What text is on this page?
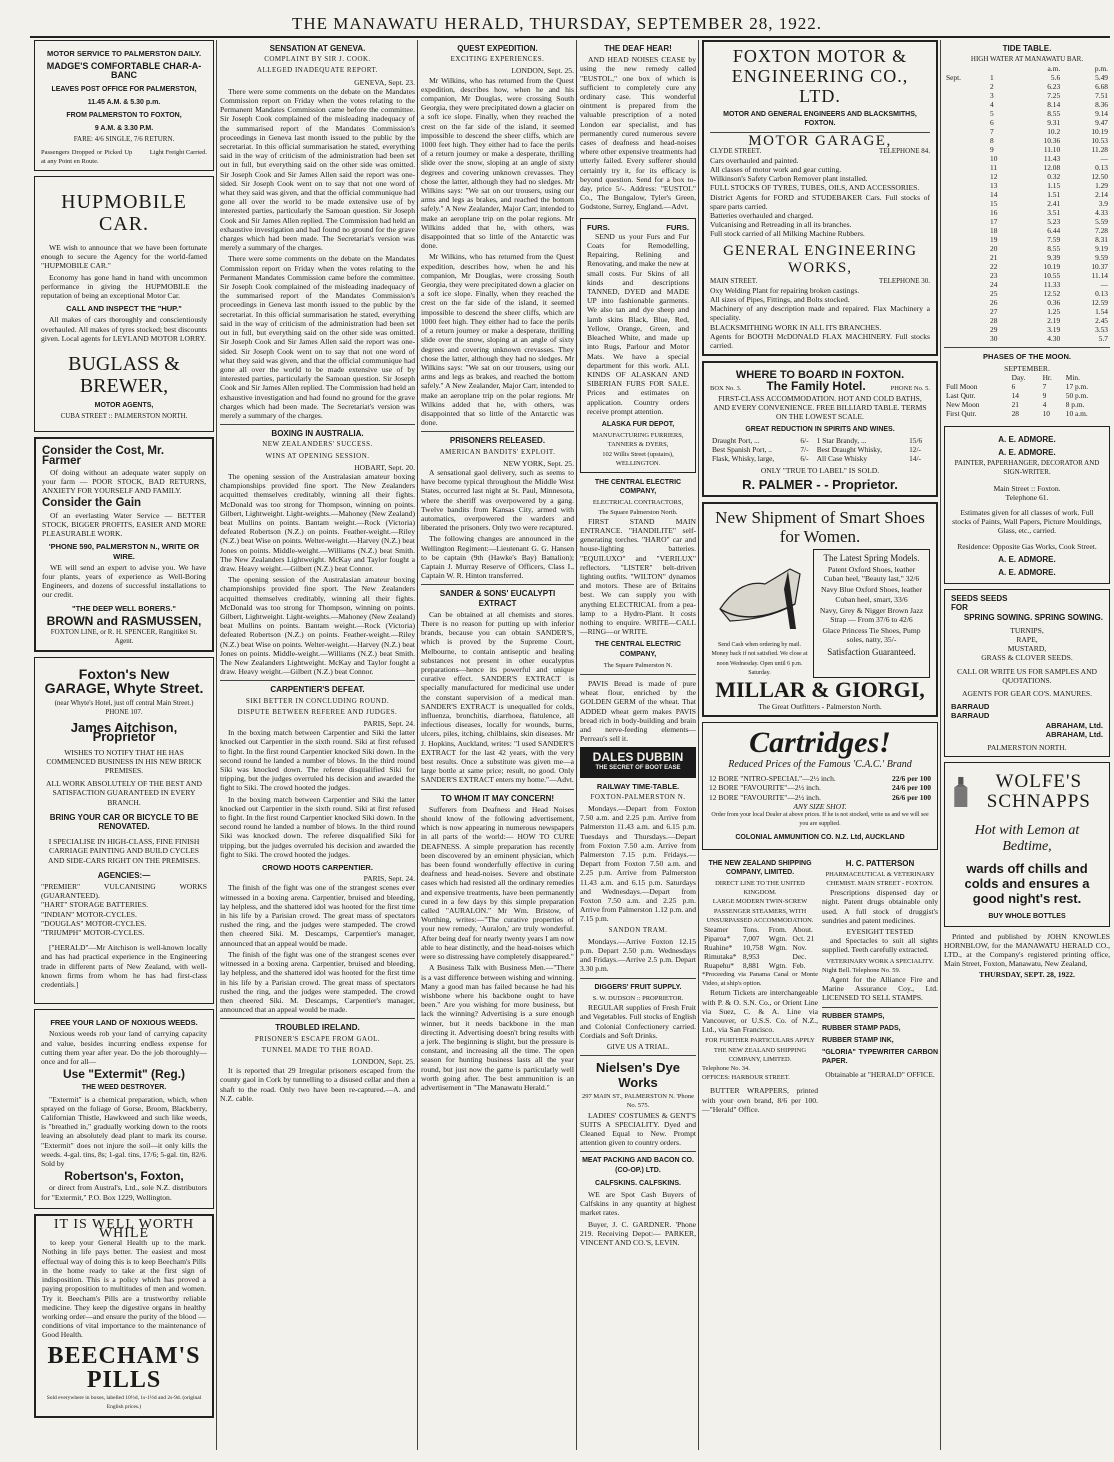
THE MANAWATU HERALD, THURSDAY, SEPTEMBER 28, 1922.
MOTOR SERVICE TO PALMERSTON DAILY.
MADGE'S COMFORTABLE CHAR-A-BANC
LEAVES POST OFFICE FOR PALMERSTON,
11.45 A.M. & 5.30 p.m.
FROM PALMERSTON TO FOXTON,
9 A.M. & 3.30 P.M.
FARE: 4/6 SINGLE, 7/6 RETURN.
Passengers Dropped or Picked Up at any Point en Route.
Light Freight Carried.
HUPMOBILE CAR.
WE wish to announce that we have been fortunate enough to secure the Agency for the world-famed "HUPMOBILE CAR."
Economy has gone hand in hand with uncommon performance in giving the HUPMOBILE the reputation of being an exceptional Motor Car.
CALL AND INSPECT THE "HUP."
All makes of cars thoroughly and conscientiously overhauled. All makes of tyres stocked; best discounts given. Local agents for LEYLAND MOTOR LORRY.
BUGLASS & BREWER,
MOTOR AGENTS,
CUBA STREET :: PALMERSTON NORTH.
Consider the Cost, Mr. Farmer
Of doing without an adequate water supply on your farm — POOR STOCK, BAD RETURNS, ANXIETY FOR YOURSELF AND FAMILY.
Consider the Gain
Of an everlasting Water Service — BETTER STOCK, BIGGER PROFITS, EASIER AND MORE PLEASURABLE WORK.
'PHONE 590, PALMERSTON N., WRITE OR WIRE.
WE will send an expert to advise you. We have four plants, years of experience as Well-Boring Engineers, and dozens of successful installations to our credit.
"THE DEEP WELL BORERS."
BROWN and RASMUSSEN,
FOXTON LINE, or R. H. SPENCER, Rangitikei St. Agent.
Foxton's New
GARAGE, Whyte Street.
(near Whyte's Hotel, just off central Main Street.)
PHONE 107.
James Aitchison, Proprietor
WISHES TO NOTIFY THAT HE HAS COMMENCED BUSINESS IN HIS NEW BRICK PREMISES.
ALL WORK ABSOLUTELY OF THE BEST AND SATISFACTION GUARANTEED IN EVERY BRANCH.
BRING YOUR CAR OR BICYCLE TO BE RENOVATED.
I SPECIALISE IN HIGH-CLASS, FINE FINISH CARRIAGE PAINTING AND BUILD CYCLES AND SIDE-CARS RIGHT ON THE PREMISES.
AGENCIES:—
"PREMIER" VULCANISING WORKS (GUARANTEED).
"HART" STORAGE BATTERIES.
"INDIAN" MOTOR-CYCLES.
"DOUGLAS" MOTOR-CYCLES.
"TRIUMPH" MOTOR-CYCLES.
["HERALD"—Mr Aitchison is well-known locally and has had practical experience in the Engineering trade in different parts of New Zealand, with well-known firms from whom he has had first-class credentials.]
FREE YOUR LAND OF NOXIOUS WEEDS.
Noxious weeds rob your land of carrying capacity and value, besides incurring endless expense for cutting them year after year. Do the job thoroughly—once and for all—
Use "Extermit" (Reg.)
THE WEED DESTROYER.
"Extermit" is a chemical preparation, which, when sprayed on the foliage of Gorse, Broom, Blackberry, Californian Thistle, Hawkweed and such like weeds, is "breathed in," gradually working down to the roots leaving an absolutely dead plant to mark its course. "Extermit" does not injure the soil—it only kills the weeds. 4-gal. tins, 8s; 1-gal. tins, 17/6; 5-gal. tin, 82/6. Sold by
Robertson's, Foxton,
or direct from Austral's, Ltd., sole N.Z. distributors for "Extermit," P.O. Box 1229, Wellington.
IT IS WELL WORTH WHILE
to keep your General Health up to the mark. Nothing in life pays better. The easiest and most effectual way of doing this is to keep Beecham's Pills in the home ready to take at the first sign of indisposition. This is a policy which has proved a paying proposition to multitudes of men and women. Try it. Beecham's Pills are a trustworthy reliable medicine. They keep the digestive organs in healthy working order—and ensure the purity of the blood — conditions of vital importance to the maintenance of Good Health.
BEECHAM'S PILLS
Sold everywhere in boxes, labelled 10½d, 1s-1½d and 2s-9d. (original English prices.)
SENSATION AT GENEVA.
COMPLAINT BY SIR J. COOK.
ALLEGED INADEQUATE REPORT.
GENEVA, Sept. 23.
There were some comments on the debate on the Mandates Commission report on Friday when the votes relating to the Permanent Mandates Commission came before the committee. Sir Joseph Cook complained of the misleading inadequacy of the summarised report of the Mandates Commission's proceedings in Geneva last month issued to the public by the secretariat. In this official summarisation he stated, everything said in the way of criticism of the administration had been set out in full, but everything said on the other side was omitted. Sir Joseph Cook and Sir James Allen said the report was one-sided. Sir Joseph Cook went on to say that not one word of what they said was given, and that the official communique had gone all over the world to be made extensive use of by interested parties, particularly the Samoan question. Sir Joseph Cook and Sir James Allen replied. The Commission had held an exhaustive investigation and had found no ground for the grave charges which had been made. The Secretariat's version was merely a summary of the charges.
There were some comments on the debate on the Mandates Commission report on Friday when the votes relating to the Permanent Mandates Commission came before the committee. Sir Joseph Cook complained of the misleading inadequacy of the summarised report of the Mandates Commission's proceedings in Geneva last month issued to the public by the secretariat. In this official summarisation he stated, everything said in the way of criticism of the administration had been set out in full, but everything said on the other side was omitted. Sir Joseph Cook and Sir James Allen said the report was one-sided. Sir Joseph Cook went on to say that not one word of what they said was given, and that the official communique had gone all over the world to be made extensive use of by interested parties, particularly the Samoan question. Sir Joseph Cook and Sir James Allen replied. The Commission had held an exhaustive investigation and had found no ground for the grave charges which had been made. The Secretariat's version was merely a summary of the charges.
BOXING IN AUSTRALIA.
NEW ZEALANDERS' SUCCESS.
WINS AT OPENING SESSION.
HOBART, Sept. 20.
The opening session of the Australasian amateur boxing championships provided fine sport. The New Zealanders acquitted themselves creditably, winning all their fights. McDonald was too strong for Thompson, winning on points. Gilbert, Lightweight. Light-weights.—Mahoney (New Zealand) beat Mullins on points. Bantam weight.—Rock (Victoria) defeated Robertson (N.Z.) on points. Feather-weight.—Riley (N.Z.) beat Wise on points. Welter-weight.—Harvey (N.Z.) beat Jones on points. Middle-weight.—Williams (N.Z.) beat Smith. The New Zealanders Lightweight. McKay and Taylor fought a draw. Heavy weight.—Gilbert (N.Z.) beat Connor.
The opening session of the Australasian amateur boxing championships provided fine sport. The New Zealanders acquitted themselves creditably, winning all their fights. McDonald was too strong for Thompson, winning on points. Gilbert, Lightweight. Light-weights.—Mahoney (New Zealand) beat Mullins on points. Bantam weight.—Rock (Victoria) defeated Robertson (N.Z.) on points. Feather-weight.—Riley (N.Z.) beat Wise on points. Welter-weight.—Harvey (N.Z.) beat Jones on points. Middle-weight.—Williams (N.Z.) beat Smith. The New Zealanders Lightweight. McKay and Taylor fought a draw. Heavy weight.—Gilbert (N.Z.) beat Connor.
CARPENTIER'S DEFEAT.
SIKI BETTER IN CONCLUDING ROUND.
DISPUTE BETWEEN REFEREE AND JUDGES.
PARIS, Sept. 24.
In the boxing match between Carpentier and Siki the latter knocked out Carpentier in the sixth round. Siki at first refused to fight. In the first round Carpentier knocked Siki down. In the second round he landed a number of blows. In the third round Siki was knocked down. The referee disqualified Siki for tripping, but the judges overruled his decision and awarded the fight to Siki. The crowd hooted the judges.
In the boxing match between Carpentier and Siki the latter knocked out Carpentier in the sixth round. Siki at first refused to fight. In the first round Carpentier knocked Siki down. In the second round he landed a number of blows. In the third round Siki was knocked down. The referee disqualified Siki for tripping, but the judges overruled his decision and awarded the fight to Siki. The crowd hooted the judges.
CROWD HOOTS CARPENTIER.
PARIS, Sept. 24.
The finish of the fight was one of the strangest scenes ever witnessed in a boxing arena. Carpentier, bruised and bleeding, lay helpless, and the shattered idol was hooted for the first time in his life by a Parisian crowd. The great mass of spectators rushed the ring, and the judges were stampeded. The crowd then cheered Siki. M. Descamps, Carpentier's manager, announced that an appeal would be made.
The finish of the fight was one of the strangest scenes ever witnessed in a boxing arena. Carpentier, bruised and bleeding, lay helpless, and the shattered idol was hooted for the first time in his life by a Parisian crowd. The great mass of spectators rushed the ring, and the judges were stampeded. The crowd then cheered Siki. M. Descamps, Carpentier's manager, announced that an appeal would be made.
TROUBLED IRELAND.
PRISONER'S ESCAPE FROM GAOL.
TUNNEL MADE TO THE ROAD.
LONDON, Sept. 25.
It is reported that 29 Irregular prisoners escaped from the county gaol in Cork by tunnelling to a disused cellar and then a shaft to the road. Only two have been re-captured.—A. and N.Z. cable.
QUEST EXPEDITION.
EXCITING EXPERIENCES.
LONDON, Sept. 25.
Mr Wilkins, who has returned from the Quest expedition, describes how, when he and his companion, Mr Douglas, were crossing South Georgia, they were precipitated down a glacier on a soft ice slope. Finally, when they reached the crest on the far side of the island, it seemed impossible to descend the sheer cliffs, which are 1000 feet high. They either had to face the perils of a return journey or make a desperate, thrilling slide over the snow, sloping at an angle of sixty degrees and covering unknown crevasses. They chose the latter, although they had no sledges. Mr Wilkins says: "We sat on our trousers, using our arms and legs as brakes, and reached the bottom safely." A New Zealander, Major Carr, intended to make an aeroplane trip on the polar regions. Mr Wilkins added that he, with others, was disappointed that so little of the Antarctic was done.
Mr Wilkins, who has returned from the Quest expedition, describes how, when he and his companion, Mr Douglas, were crossing South Georgia, they were precipitated down a glacier on a soft ice slope. Finally, when they reached the crest on the far side of the island, it seemed impossible to descend the sheer cliffs, which are 1000 feet high. They either had to face the perils of a return journey or make a desperate, thrilling slide over the snow, sloping at an angle of sixty degrees and covering unknown crevasses. They chose the latter, although they had no sledges. Mr Wilkins says: "We sat on our trousers, using our arms and legs as brakes, and reached the bottom safely." A New Zealander, Major Carr, intended to make an aeroplane trip on the polar regions. Mr Wilkins added that he, with others, was disappointed that so little of the Antarctic was done.
PRISONERS RELEASED.
AMERICAN BANDITS' EXPLOIT.
NEW YORK, Sept. 25.
A sensational gaol delivery, such as seems to have become typical throughout the Middle West States, occurred last night at St. Paul, Minnesota, where the sheriff was overpowered by a gang. Twelve bandits from Kansas City, armed with automatics, overpowered the warders and liberated the prisoners. Only two were recaptured.
The following changes are announced in the Wellington Regiment:—Lieutenant G. G. Hansen to be captain (9th (Hawke's Bay) Battalion); Captain J. Murray Reserve of Officers, Class I., Captain W. R. Hinton transferred.
SANDER & SONS' EUCALYPTI EXTRACT
Can be obtained at all chemists and stores. There is no reason for putting up with inferior brands, because you can obtain SANDER'S, which is proved by the Supreme Court, Melbourne, to contain antiseptic and healing substances not present in other eucalyptus preparations—hence its powerful and unique curative effect. SANDER'S EXTRACT is specially manufactured for medicinal use under the constant supervision of a medical man. SANDER'S EXTRACT is unequalled for colds, influenza, bronchitis, diarrhoea, flatulence, all infectious diseases, locally for wounds, burns, ulcers, piles, itching, chilblains, skin diseases. Mr J. Hopkins, Auckland, writes: "I used SANDER'S EXTRACT for the last 42 years, with the very best results. Once a substitute was given me—a large bottle at same price; result, no good. Only SANDER'S EXTRACT enters my home."—Advt.
TO WHOM IT MAY CONCERN!
Sufferers from Deafness and Head Noises should know of the following advertisement, which is now appearing in numerous newspapers in all parts of the world:— HOW TO CURE DEAFNESS. A simple preparation has recently been discovered by an eminent physician, which has been found wonderfully effective in curing deafness and head-noises. Severe and obstinate cases which had resisted all the ordinary remedies and expensive treatments, have been permanently cured in a few days by this simple preparation called "AURALON." Mr Wm. Bristow, of Worthing, writes:—"The curative properties of your new remedy, 'Auralon,' are truly wonderful. After being deaf for nearly twenty years I am now able to hear distinctly, and the head-noises which were so distressing have completely disappeared."
A Business Talk with Business Men.—"There is a vast difference between wishing and winning. Many a good man has failed because he had his wishbone where his backbone ought to have been." Are you wishing for more business, but lack the winning? Advertising is a sure enough winner, but it needs backbone in the man directing it. Advertising doesn't bring results with a jerk. The beginning is slight, but the pressure is constant, and increasing all the time. The open season for hunting business lasts all the year round, but just now the game is particularly well worth going after. The best ammunition is an advertisement in "The Manawatu Herald."
THE DEAF HEAR!
AND HEAD NOISES CEASE by using the new remedy called "EUSTOL," one box of which is sufficient to completely cure any ordinary case. This wonderful ointment is prepared from the valuable prescription of a noted London ear specialist, and has permanently cured numerous severe cases of deafness and head-noises where other expensive treatments had utterly failed. Every sufferer should certainly try it, for its efficacy is beyond question. Send for a box to-day, price 5/-. Address: "EUSTOL" Co., The Bungalow, Tyler's Green, Godstone, Surrey, England.—Advt.
FURS.	FURS.
SEND us your Furs and Fur Coats for Remodelling, Repairing, Relining and Renovating, and make the new at small costs. Fur Skins of all kinds and descriptions TANNED, DYED and MADE UP into fashionable garments. We also tan and dye sheep and lamb skins Black, Blue, Red, Yellow, Orange, Green, and Bleached White, and made up into Rugs, Parlour and Motor Mats. We have a special department for this work. ALL KINDS OF ALASKAN AND SIBERIAN FURS FOR SALE. Prices and estimates on application. Country orders receive prompt attention.
ALASKA FUR DEPOT,
MANUFACTURING FURRIERS, TANNERS & DYERS,
102 Willis Street (upstairs), WELLINGTON.
THE CENTRAL ELECTRIC COMPANY,
ELECTRICAL CONTRACTORS,
The Square Palmerston North.
FIRST STAND MAIN ENTRANCE. "HANDILITE" self-generating torches. "HARO" car and house-lighting batteries. "EQUILUXO" and "VERILUX" reflectors. "LISTER" belt-driven lighting outfits. "WILTON" dynamos and motors. These are of Britains best. We can supply you with anything ELECTRICAL from a pea-lamp to a Hydro-Plant. It costs nothing to enquire. WRITE—CALL—RING—or WRITE.
THE CENTRAL ELECTRIC COMPANY,
The Square Palmerston N.
PAVIS Bread is made of pure wheat flour, enriched by the GOLDEN GERM of the wheat. That ADDED wheat germ makes PAVIS bread rich in body-building and brain and nerve-feeding elements—Perreau's sell it.
DALES DUBBIN
THE SECRET OF BOOT EASE
RAILWAY TIME-TABLE.
FOXTON-PALMERSTON N.
Mondays.—Depart from Foxton 7.50 a.m. and 2.25 p.m. Arrive from Palmerston 11.43 a.m. and 6.15 p.m. Tuesdays and Thursdays.—Depart from Foxton 7.50 a.m. Arrive from Palmerston 7.15 p.m. Fridays.—Depart from Foxton 7.50 a.m. and 2.25 p.m. Arrive from Palmerston 11.43 a.m. and 6.15 p.m. Saturdays and Wednesdays.—Depart from Foxton 7.50 a.m. and 2.25 p.m. Arrive from Palmerston 1.12 p.m. and 7.15 p.m.
SANDON TRAM.
Mondays.—Arrive Foxton 12.15 p.m. Depart 2.50 p.m. Wednesdays and Fridays.—Arrive 2.5 p.m. Depart 3.30 p.m.
DIGGERS' FRUIT SUPPLY.
S. W. DUDSON :: PROPRIETOR.
REGULAR supplies of Fresh Fruit and Vegetables. Full stocks of English and Colonial Confectionery carried. Cordials and Soft Drinks.
GIVE US A TRIAL.
Nielsen's Dye Works
297 MAIN ST., PALMERSTON N. 'Phone No. 575.
LADIES' COSTUMES & GENT'S SUITS A SPECIALITY. Dyed and Cleaned Equal to New. Prompt attention given to country orders.
MEAT PACKING AND BACON CO. (CO-OP.) LTD.
CALFSKINS. CALFSKINS.
WE are Spot Cash Buyers of Calfskins in any quantity at highest market rates.
Buyer, J. C. GARDNER. 'Phone 219. Receiving Depot:— PARKER, VINCENT AND CO.'S, LEVIN.
FOXTON MOTOR & ENGINEERING CO., LTD.
MOTOR AND GENERAL ENGINEERS AND BLACKSMITHS, FOXTON.
MOTOR GARAGE,
CLYDE STREET.	TELEPHONE 84.
Cars overhauled and painted.
All classes of motor work and gear cutting.
Wilkinson's Safety Carbon Remover plant installed.
FULL STOCKS OF TYRES, TUBES, OILS, AND ACCESSORIES.
District Agents for FORD and STUDEBAKER Cars. Full stocks of spare parts carried.
Batteries overhauled and charged.
Vulcanising and Retreading in all its branches.
Full stock carried of all Milking Machine Rubbers.
GENERAL ENGINEERING WORKS,
MAIN STREET.	TELEPHONE 30.
Oxy Welding Plant for repairing broken castings.
All sizes of Pipes, Fittings, and Bolts stocked.
Machinery of any description made and repaired. Flax Machinery a speciality.
BLACKSMITHING WORK IN ALL ITS BRANCHES.
Agents for BOOTH McDONALD FLAX MACHINERY. Full stocks carried.
WHERE TO BOARD IN FOXTON.
BOX No. 3. The Family Hotel.	PHONE No. 5.
FIRST-CLASS ACCOMMODATION. HOT AND COLD BATHS, AND EVERY CONVENIENCE. FREE BILLIARD TABLE. TERMS ON THE LOWEST SCALE.
GREAT REDUCTION IN SPIRITS AND WINES.
Draught Port, ...	6/-	1 Star Brandy, ...	15/6
Best Spanish Port, ..	7/-	Best Draught Whisky,	12/-
Flask, Whisky, large,	6/-	All Case Whisky	14/-
ONLY "TRUE TO LABEL" IS SOLD.
R. PALMER - - Proprietor.
New Shipment of Smart Shoes for Women.
Send Cash when ordering by mail. Money back if not satisfied. We close at noon Wednesday. Open until 6 p.m. Saturday.
The Latest Spring Models.
Patent Oxford Shoes, leather Cuban heel, "Beauty last," 32/6
Navy Blue Oxford Shoes, leather Cuban heel, smart, 33/6
Navy, Grey & Nigger Brown Jazz Strap — From 37/6 to 42/6
Glace Princess Tie Shoes, Pump soles, natty, 35/-
Satisfaction Guaranteed.
MILLAR & GIORGI,
The Great Outfitters - Palmerston North.
Cartridges!
Reduced Prices of the Famous 'C.A.C.' Brand
12 BORE "NITRO-SPECIAL"—2½ inch.	22/6 per 100
12 BORE "FAVOURITE"—2½ inch.	24/6 per 100
12 BORE "FAVOURITE"—2½ inch.	26/6 per 100
ANY SIZE SHOT.
Order from your local Dealer at above prices. If he is not stocked, write us and we will see you are supplied.
COLONIAL AMMUNITION CO. N.Z. Ltd, AUCKLAND
THE NEW ZEALAND SHIPPING COMPANY, LIMITED.
DIRECT LINE TO THE UNITED KINGDOM.
LARGE MODERN TWIN-SCREW PASSENGER STEAMERS, WITH UNSURPASSED ACCOMMODATION.
Steamer	Tons.	From.	About.
Piparoa*	7,007	Wgtn.	Oct. 21
Ruahine*	10,758	Wgtn.	Nov.
Rimutaka*	8,953		Dec.
Ruapehu*	8,881	Wgtn.	Feb.
*Proceeding via Panama Canal or Monte Video, at ship's option.
Return Tickets are interchangeable with P. & O. S.N. Co., or Orient Line via Suez, C. & A. Line via Vancouver, or U.S.S. Co. of N.Z., Ltd., via San Francisco.
FOR FURTHER PARTICULARS APPLY THE NEW ZEALAND SHIPPING COMPANY, LIMITED.
Telephone No. 34.
OFFICES: HARBOUR STREET.
BUTTER WRAPPERS, printed with your own brand, 8/6 per 100. —"Herald" Office.
H. C. PATTERSON
PHARMACEUTICAL & VETERINARY CHEMIST. MAIN STREET - FOXTON.
Prescriptions dispensed day or night. Patent drugs obtainable only used. A full stock of druggist's sundries and patent medicines.
EYESIGHT TESTED
and Spectacles to suit all sights supplied. Teeth carefully extracted.
VETERINARY WORK A SPECIALITY.
Night Bell. Telephone No. 59.
Agent for the Alliance Fire and Marine Assurance Coy., Ltd. LICENSED TO SELL STAMPS.
RUBBER STAMPS,
RUBBER STAMP PADS,
RUBBER STAMP INK,
"GLORIA" TYPEWRITER CARBON PAPER.
Obtainable at "HERALD" OFFICE.
TIDE TABLE.
HIGH WATER AT MANAWATU BAR.
		a.m.	p.m.
Sept.	1	5.6	5.49
	2	6.23	6.68
	3	7.25	7.51
	4	8.14	8.36
	5	8.55	9.14
	6	9.31	9.47
	7	10.2	10.19
	8	10.36	10.53
	9	11.10	11.28
	10	11.43	—
	11	12.08	0.13
	12	0.32	12.50
	13	1.15	1.29
	14	1.51	2.14
	15	2.41	3.9
	16	3.51	4.33
	17	5.23	5.59
	18	6.44	7.28
	19	7.59	8.31
	20	8.55	9.19
	21	9.39	9.59
	22	10.19	10.37
	23	10.55	11.14
	24	11.33	—
	25	12.52	0.13
	26	0.36	12.59
	27	1.25	1.54
	28	2.19	2.45
	29	3.19	3.53
	30	4.30	5.7
PHASES OF THE MOON.
SEPTEMBER.
	Day.	Hr.	Min.
Full Moon	6	7	17 p.m.
Last Qutr.	14	9	50 p.m.
New Moon	21	4	8 p.m.
First Qutr.	28	10	10 a.m.
A. E. ADMORE.
A. E. ADMORE.
PAINTER, PAPERHANGER, DECORATOR AND SIGN-WRITER.
Main Street :: Foxton.
Telephone 61.
Estimates given for all classes of work. Full stocks of Paints, Wall Papers, Picture Mouldings, Glass, etc., carried.
Residence: Opposite Gas Works, Cook Street.
A. E. ADMORE.
A. E. ADMORE.
SEEDS SEEDS
FOR
SPRING SOWING. SPRING SOWING.
TURNIPS,
RAPE,
MUSTARD,
GRASS & CLOVER SEEDS.
CALL OR WRITE US FOR SAMPLES AND QUOTATIONS.
AGENTS FOR GEAR CO'S. MANURES.
BARRAUD
BARRAUD
ABRAHAM, Ltd.
ABRAHAM, Ltd.
PALMERSTON NORTH.
WOLFE'S SCHNAPPS
Hot with Lemon at Bedtime,
wards off chills and colds and ensures a good night's rest.
BUY WHOLE BOTTLES
Printed and published by JOHN KNOWLES HORNBLOW, for the MANAWATU HERALD CO., LTD., at the Company's registered printing office, Main Street, Foxton, Manawatu, New Zealand,
THURSDAY, SEPT. 28, 1922.
